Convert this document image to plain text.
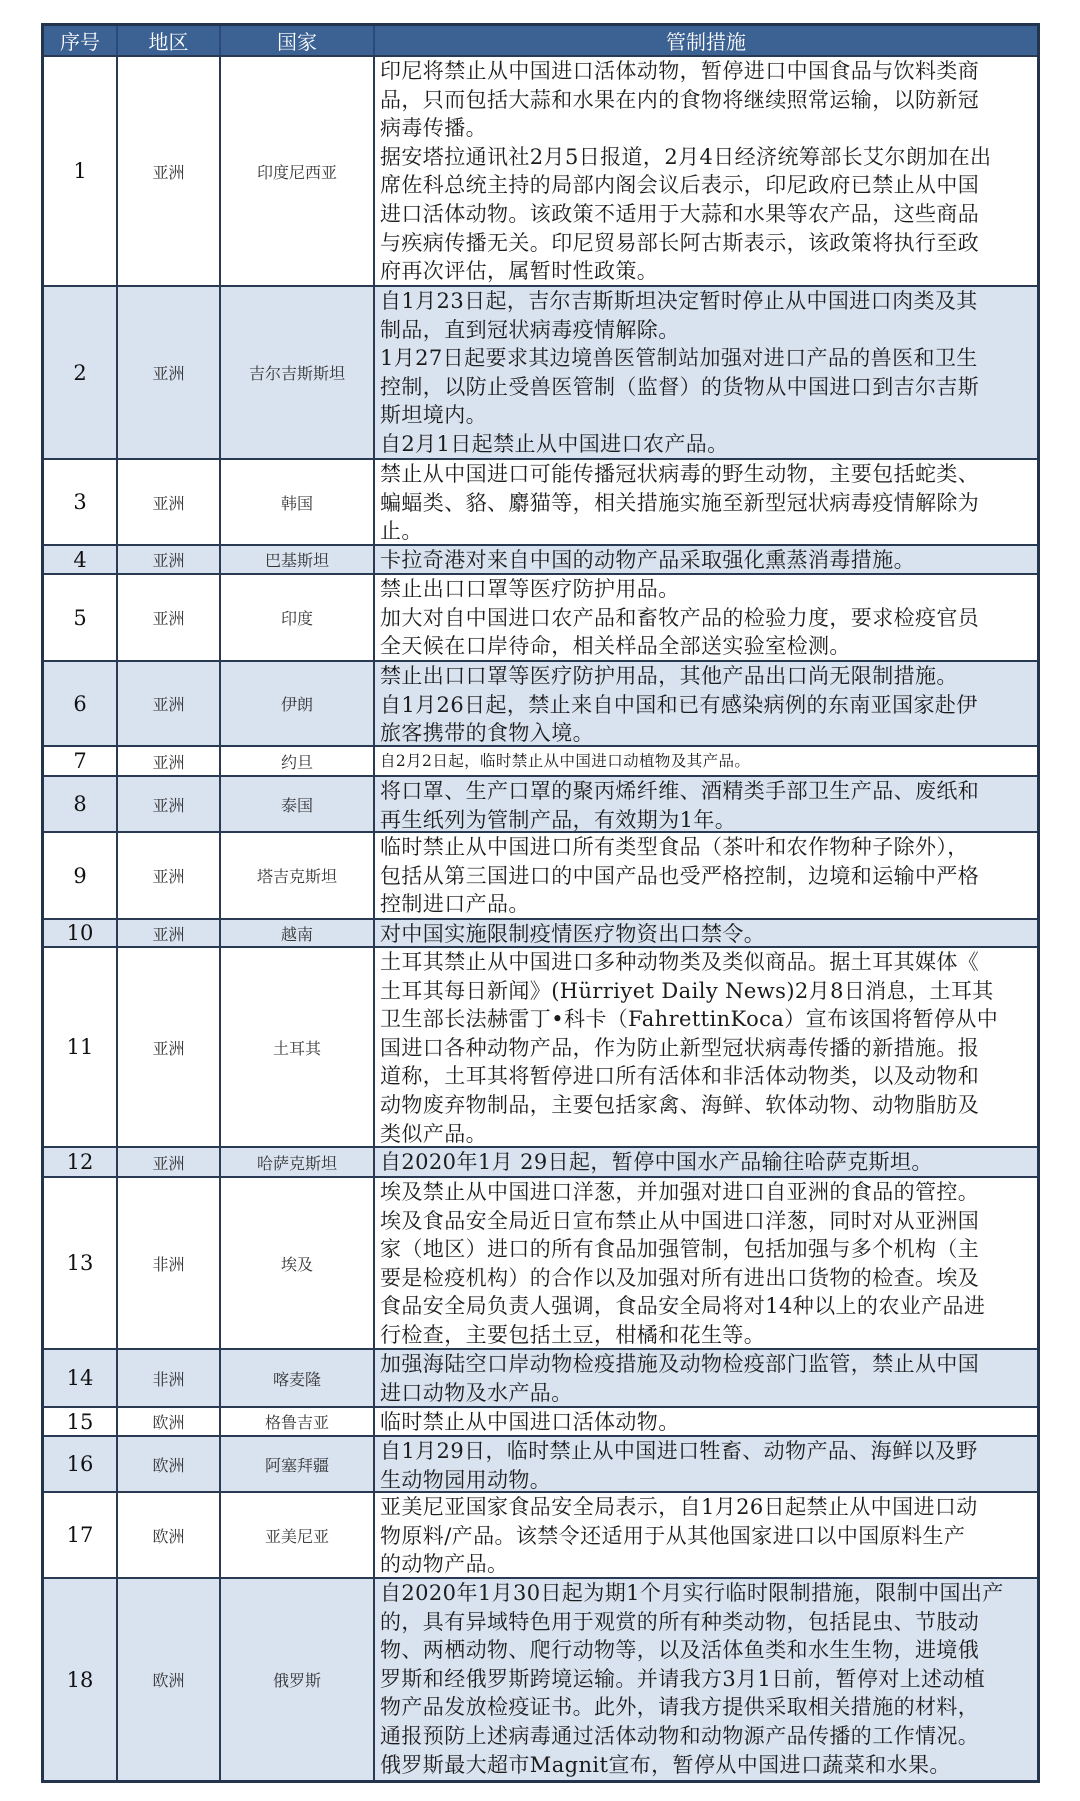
序号	地区	国家	管制措施
1	亚洲	印度尼西亚
印尼将禁止从中国进口活体动物，暂停进口中国食品与饮料类商
品，只而包括大蒜和水果在内的食物将继续照常运输，以防新冠
病毒传播。
据安塔拉通讯社2月5日报道，2月4日经济统筹部长艾尔朗加在出
席佐科总统主持的局部内阁会议后表示，印尼政府已禁止从中国
进口活体动物。该政策不适用于大蒜和水果等农产品，这些商品
与疾病传播无关。印尼贸易部长阿古斯表示，该政策将执行至政
府再次评估，属暂时性政策。
2	亚洲	吉尔吉斯斯坦
自1月23日起，吉尔吉斯斯坦决定暂时停止从中国进口肉类及其
制品，直到冠状病毒疫情解除。
1月27日起要求其边境兽医管制站加强对进口产品的兽医和卫生
控制，以防止受兽医管制（监督）的货物从中国进口到吉尔吉斯
斯坦境内。
自2月1日起禁止从中国进口农产品。
3	亚洲	韩国
禁止从中国进口可能传播冠状病毒的野生动物，主要包括蛇类、
蝙蝠类、貉、麝猫等，相关措施实施至新型冠状病毒疫情解除为
止。
4	亚洲	巴基斯坦	卡拉奇港对来自中国的动物产品采取强化熏蒸消毒措施。
5	亚洲	印度
禁止出口口罩等医疗防护用品。
加大对自中国进口农产品和畜牧产品的检验力度，要求检疫官员
全天候在口岸待命，相关样品全部送实验室检测。
6	亚洲	伊朗
禁止出口口罩等医疗防护用品，其他产品出口尚无限制措施。
自1月26日起，禁止来自中国和已有感染病例的东南亚国家赴伊
旅客携带的食物入境。
7	亚洲	约旦	自2月2日起，临时禁止从中国进口动植物及其产品。
8	亚洲	泰国
将口罩、生产口罩的聚丙烯纤维、酒精类手部卫生产品、废纸和
再生纸列为管制产品，有效期为1年。
9	亚洲	塔吉克斯坦
临时禁止从中国进口所有类型食品（茶叶和农作物种子除外），
包括从第三国进口的中国产品也受严格控制，边境和运输中严格
控制进口产品。
10	亚洲	越南	对中国实施限制疫情医疗物资出口禁令。
11	亚洲	土耳其
土耳其禁止从中国进口多种动物类及类似商品。据土耳其媒体《
土耳其每日新闻》(Hürriyet Daily News)2月8日消息，土耳其
卫生部长法赫雷丁•科卡（FahrettinKoca）宣布该国将暂停从中
国进口各种动物产品，作为防止新型冠状病毒传播的新措施。报
道称，土耳其将暂停进口所有活体和非活体动物类，以及动物和
动物废弃物制品，主要包括家禽、海鲜、软体动物、动物脂肪及
类似产品。
12	亚洲	哈萨克斯坦	自2020年1月 29日起，暂停中国水产品输往哈萨克斯坦。
13	非洲	埃及
埃及禁止从中国进口洋葱，并加强对进口自亚洲的食品的管控。
埃及食品安全局近日宣布禁止从中国进口洋葱，同时对从亚洲国
家（地区）进口的所有食品加强管制，包括加强与多个机构（主
要是检疫机构）的合作以及加强对所有进出口货物的检查。埃及
食品安全局负责人强调，食品安全局将对14种以上的农业产品进
行检查，主要包括土豆，柑橘和花生等。
14	非洲	喀麦隆
加强海陆空口岸动物检疫措施及动物检疫部门监管，禁止从中国
进口动物及水产品。
15	欧洲	格鲁吉亚	临时禁止从中国进口活体动物。
16	欧洲	阿塞拜疆
自1月29日，临时禁止从中国进口牲畜、动物产品、海鲜以及野
生动物园用动物。
17	欧洲	亚美尼亚
亚美尼亚国家食品安全局表示，自1月26日起禁止从中国进口动
物原料/产品。该禁令还适用于从其他国家进口以中国原料生产
的动物产品。
18	欧洲	俄罗斯
自2020年1月30日起为期1个月实行临时限制措施，限制中国出产
的，具有异域特色用于观赏的所有种类动物，包括昆虫、节肢动
物、两栖动物、爬行动物等，以及活体鱼类和水生生物，进境俄
罗斯和经俄罗斯跨境运输。并请我方3月1日前，暂停对上述动植
物产品发放检疫证书。此外，请我方提供采取相关措施的材料，
通报预防上述病毒通过活体动物和动物源产品传播的工作情况。
俄罗斯最大超市Magnit宣布，暂停从中国进口蔬菜和水果。
